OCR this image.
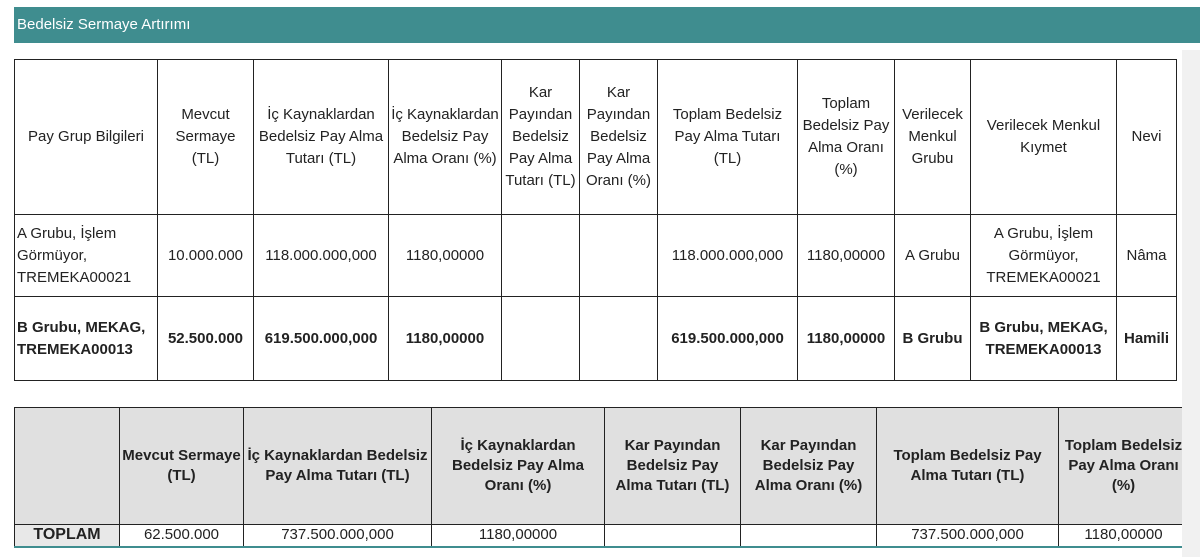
Bedelsiz Sermaye Artırımı
Pay Grup Bilgileri	Mevcut Sermaye (TL)	İç Kaynaklardan Bedelsiz Pay Alma Tutarı (TL)	İç Kaynaklardan Bedelsiz Pay Alma Oranı (%)	Kar Payından Bedelsiz Pay Alma Tutarı (TL)	Kar Payından Bedelsiz Pay Alma Oranı (%)	Toplam Bedelsiz Pay Alma Tutarı (TL)	Toplam Bedelsiz Pay Alma Oranı (%)	Verilecek Menkul Grubu	Verilecek Menkul Kıymet	Nevi
A Grubu, İşlem Görmüyor, TREMEKA00021	10.000.000	118.000.000,000	1180,00000			118.000.000,000	1180,00000	A Grubu	A Grubu, İşlem Görmüyor, TREMEKA00021	Nâma
B Grubu, MEKAG, TREMEKA00013	52.500.000	619.500.000,000	1180,00000			619.500.000,000	1180,00000	B Grubu	B Grubu, MEKAG, TREMEKA00013	Hamili
	Mevcut Sermaye (TL)	İç Kaynaklardan Bedelsiz Pay Alma Tutarı (TL)	İç Kaynaklardan Bedelsiz Pay Alma Oranı (%)	Kar Payından Bedelsiz Pay Alma Tutarı (TL)	Kar Payından Bedelsiz Pay Alma Oranı (%)	Toplam Bedelsiz Pay Alma Tutarı (TL)	Toplam Bedelsiz Pay Alma Oranı (%)
TOPLAM	62.500.000	737.500.000,000	1180,00000			737.500.000,000	1180,00000
